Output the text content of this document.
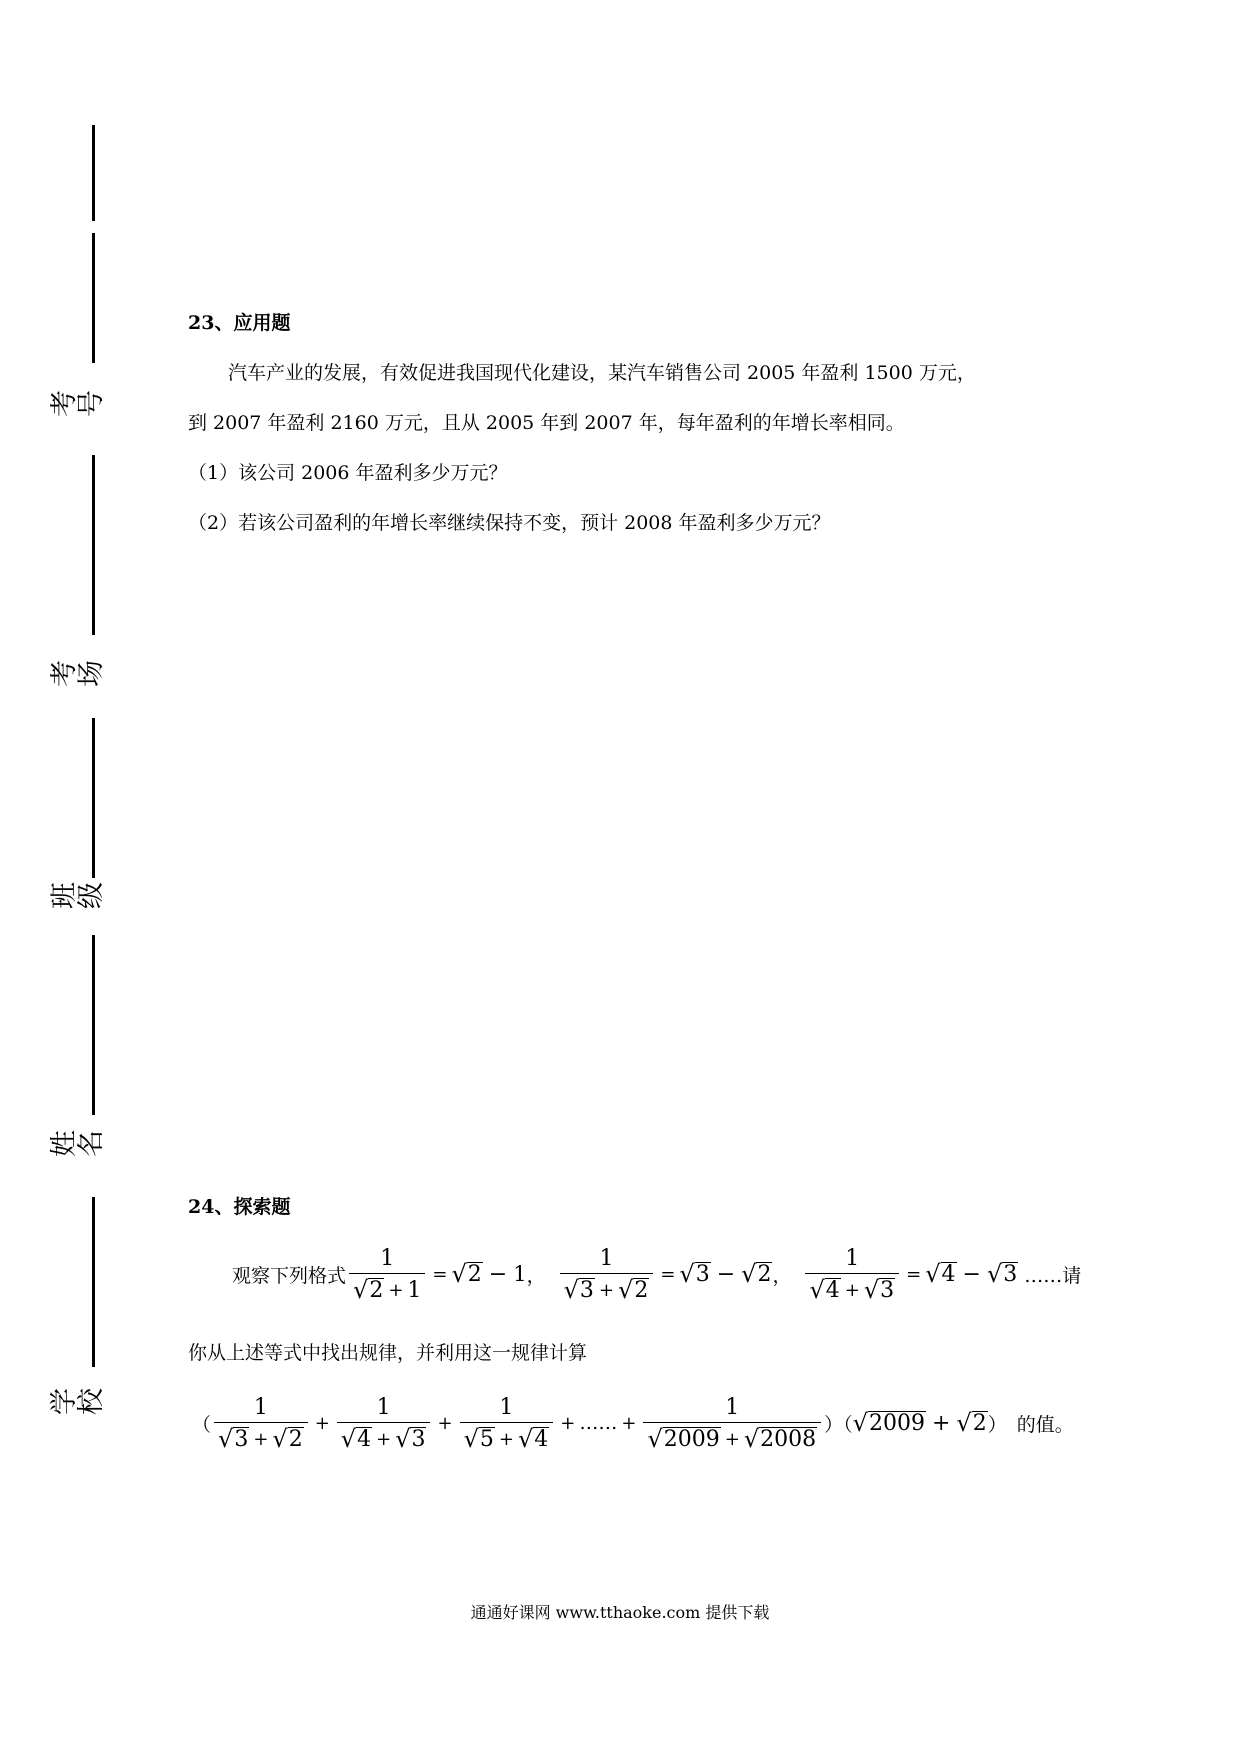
考号
考场
班级
姓名
学校
23、应用题
汽车产业的发展，有效促进我国现代化建设，某汽车销售公司 2005 年盈利 1500 万元，
到 2007 年盈利 2160 万元，且从 2005 年到 2007 年，每年盈利的年增长率相同。
（1）该公司 2006 年盈利多少万元？
（2）若该公司盈利的年增长率继续保持不变，预计 2008 年盈利多少万元？
24、探索题
观察下列格式 $\frac{1}{√ 2 + 1}$ = √ 2 − 1 ， $\frac{1}{√ 3 + √ 2}$ = √ 3 − √ 2 ， $\frac{1}{√ 4 + √ 3}$ = √ 4 − √ 3 ……请
你从上述等式中找出规律，并利用这一规律计算
（ $\frac{1}{√ 3 + √ 2} + \frac{1}{√ 4 + √ 3} + \frac{1}{√ 5 + √ 4}$ + …… + $\frac{1}{√ 2009 + √ 2008}$ ）（ √ 2009 + √ 2 ） 的值。
通通好课网 www.tthaoke.com 提供下载
